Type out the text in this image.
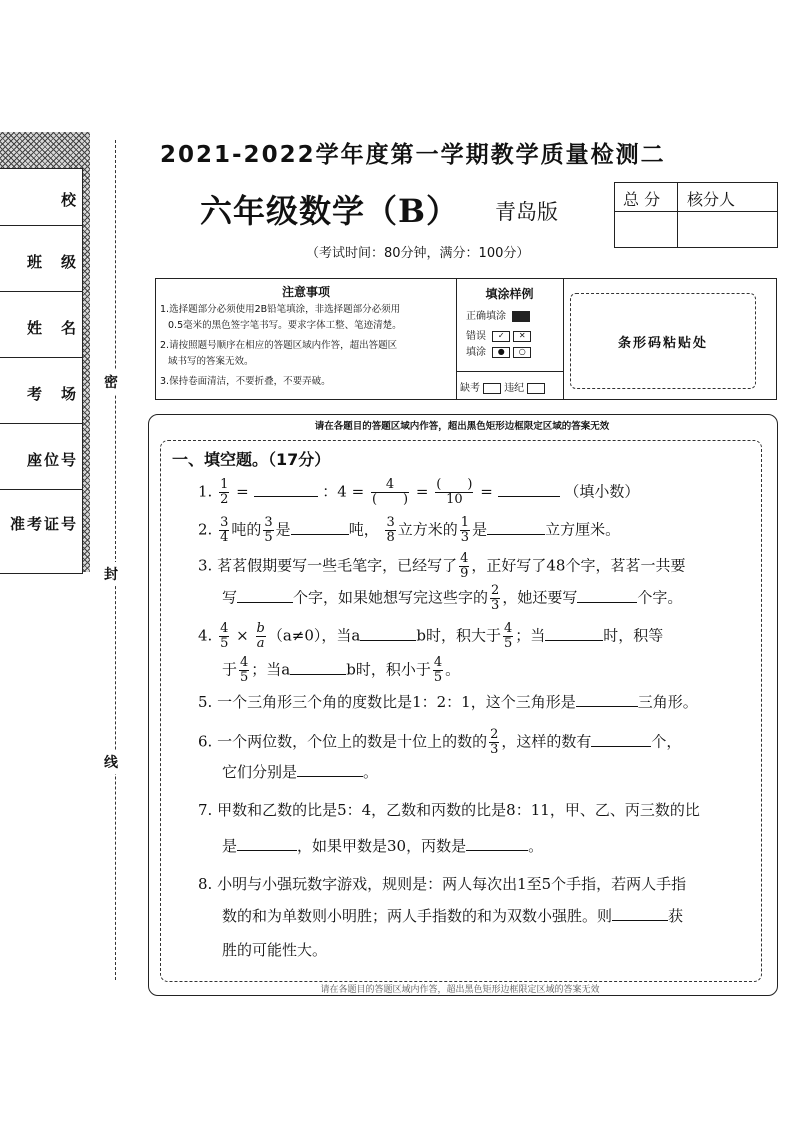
校
班　级
姓　名
考　场
座位号
准考证号
密
封
线
2021-2022学年度第一学期教学质量检测二
六年级数学（B） 青岛版
（考试时间：80分钟，满分：100分）
总 分 核分人
注意事项
1.选择题部分必须使用2B铅笔填涂，非选择题部分必须用
0.5毫米的黑色签字笔书写。要求字体工整、笔迹清楚。
2.请按照题号顺序在相应的答题区域内作答，超出答题区
域书写的答案无效。
3.保持卷面清洁，不要折叠，不要弄破。
填涂样例
正确填涂
错误 ✓ ✕
填涂 ● ○
缺考 违纪
条形码粘贴处
请在各题目的答题区域内作答，超出黑色矩形边框限定区域的答案无效
一、填空题。（17分）
1. $\frac{1}{2}$ =	：$4 = \frac{4}{( )} = \frac{( )}{10}$ =	（填小数）
2. $\frac{3}{4}$ 吨的 $\frac{3}{5}$ 是	吨， $\frac{3}{8}$ 立方米的 $\frac{1}{3}$ 是	立方厘米。
3. 茗茗假期要写一些毛笔字，已经写了 $\frac{4}{9}$ ，正好写了48个字，茗茗一共要
写	个字，如果她想写完这些字的 $\frac{2}{3}$ ，她还要写	个字。
4. $\frac{4}{5} \times \frac{b}{a} (a\ne 0)$，当a	b时，积大于 $\frac{4}{5}$ ；当	时，积等
于 $\frac{4}{5}$ ；当a	b时，积小于 $\frac{4}{5}$ 。
5. 一个三角形三个角的度数比是1：2：1，这个三角形是	三角形。
6. 一个两位数，个位上的数是十位上的数的 $\frac{2}{3}$ ，这样的数有	个，
它们分别是	。
7. 甲数和乙数的比是5：4，乙数和丙数的比是8：11，甲、乙、丙三数的比
是	，如果甲数是30，丙数是	。
8. 小明与小强玩数字游戏，规则是：两人每次出1至5个手指，若两人手指
数的和为单数则小明胜；两人手指数的和为双数小强胜。则	获
胜的可能性大。
请在各题目的答题区域内作答，超出黑色矩形边框限定区域的答案无效
